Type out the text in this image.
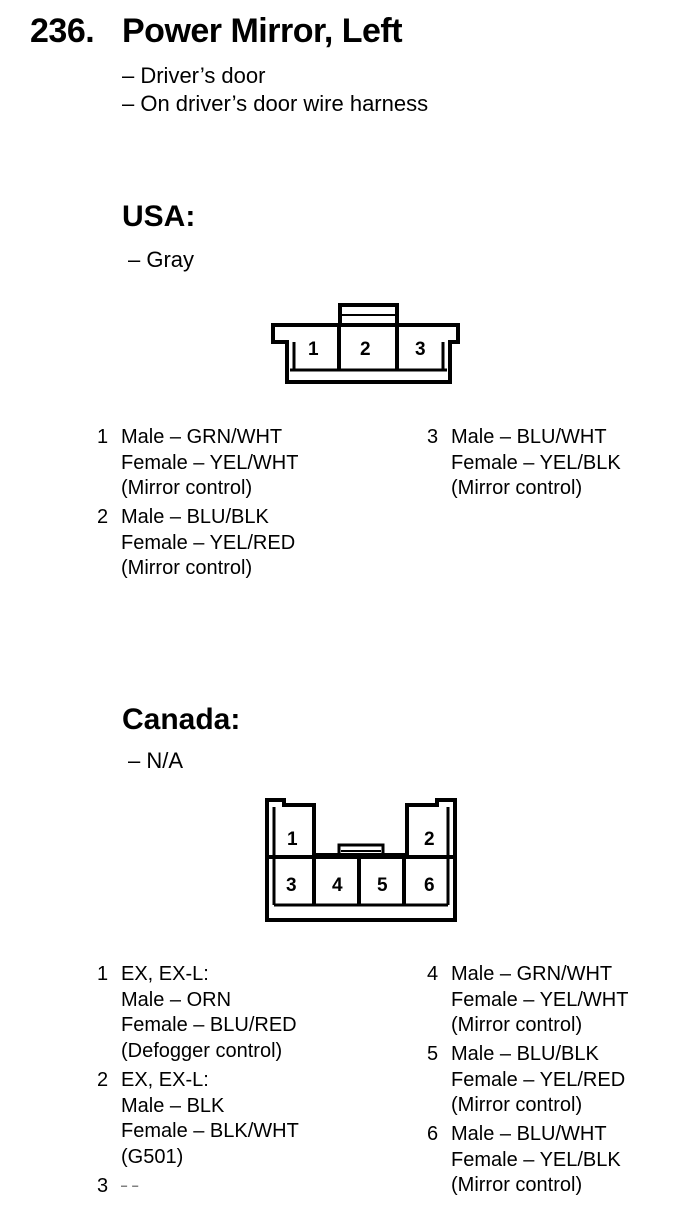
236. Power Mirror, Left
– Driver’s door
– On driver’s door wire harness
USA:
– Gray
1 2 3
1 Male – GRN/WHT
Female – YEL/WHT
(Mirror control)
2 Male – BLU/BLK
Female – YEL/RED
(Mirror control)
3 Male – BLU/WHT
Female – YEL/BLK
(Mirror control)
Canada:
– N/A
1	2
3 4 5 6
1 EX, EX-L:
Male – ORN
Female – BLU/RED
(Defogger control)
2 EX, EX-L:
Male – BLK
Female – BLK/WHT
(G501)
3	– –
4 Male – GRN/WHT
Female – YEL/WHT
(Mirror control)
5 Male – BLU/BLK
Female – YEL/RED
(Mirror control)
6 Male – BLU/WHT
Female – YEL/BLK
(Mirror control)
